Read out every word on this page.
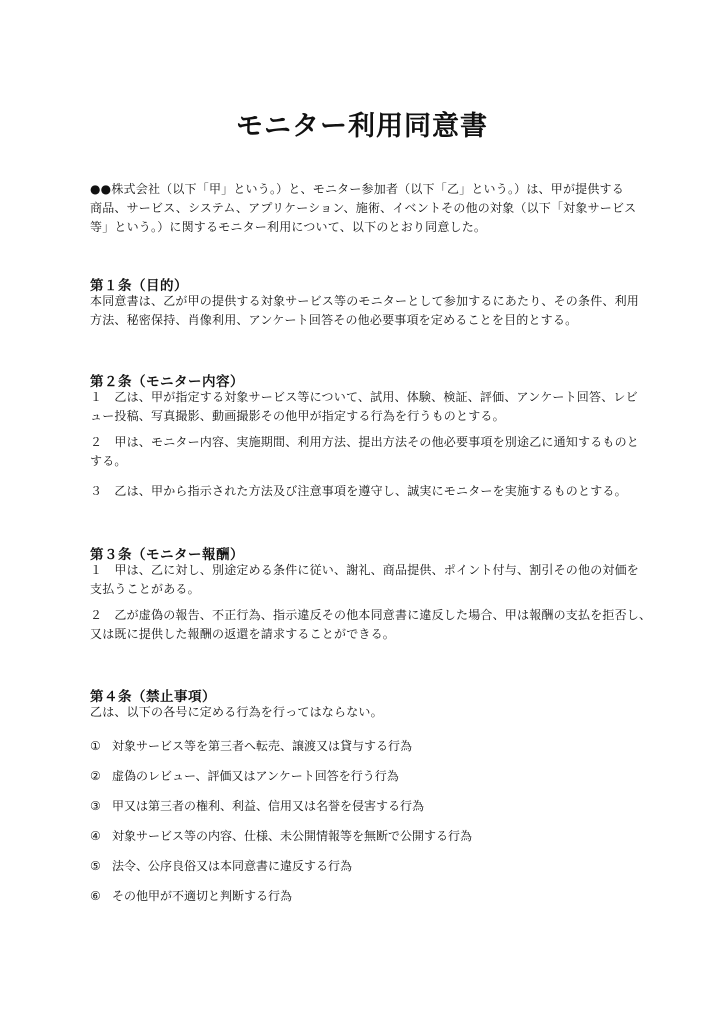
モニター利用同意書

●●株式会社（以下「甲」という。）と、モニター参加者（以下「乙」という。）は、甲が提供する
商品、サービス、システム、アプリケーション、施術、イベントその他の対象（以下「対象サービス
等」という。）に関するモニター利用について、以下のとおり同意した。

第１条（目的）

本同意書は、乙が甲の提供する対象サービス等のモニターとして参加するにあたり、その条件、利用
方法、秘密保持、肖像利用、アンケート回答その他必要事項を定めることを目的とする。

第２条（モニター内容）

１　乙は、甲が指定する対象サービス等について、試用、体験、検証、評価、アンケート回答、レビ
ュー投稿、写真撮影、動画撮影その他甲が指定する行為を行うものとする。

２　甲は、モニター内容、実施期間、利用方法、提出方法その他必要事項を別途乙に通知するものと
する。

３　乙は、甲から指示された方法及び注意事項を遵守し、誠実にモニターを実施するものとする。

第３条（モニター報酬）

１　甲は、乙に対し、別途定める条件に従い、謝礼、商品提供、ポイント付与、割引その他の対価を
支払うことがある。

２　乙が虚偽の報告、不正行為、指示違反その他本同意書に違反した場合、甲は報酬の支払を拒否し、
又は既に提供した報酬の返還を請求することができる。

第４条（禁止事項）

乙は、以下の各号に定める行為を行ってはならない。

① 対象サービス等を第三者へ転売、譲渡又は貸与する行為
② 虚偽のレビュー、評価又はアンケート回答を行う行為
③ 甲又は第三者の権利、利益、信用又は名誉を侵害する行為
④ 対象サービス等の内容、仕様、未公開情報等を無断で公開する行為
⑤ 法令、公序良俗又は本同意書に違反する行為
⑥ その他甲が不適切と判断する行為
